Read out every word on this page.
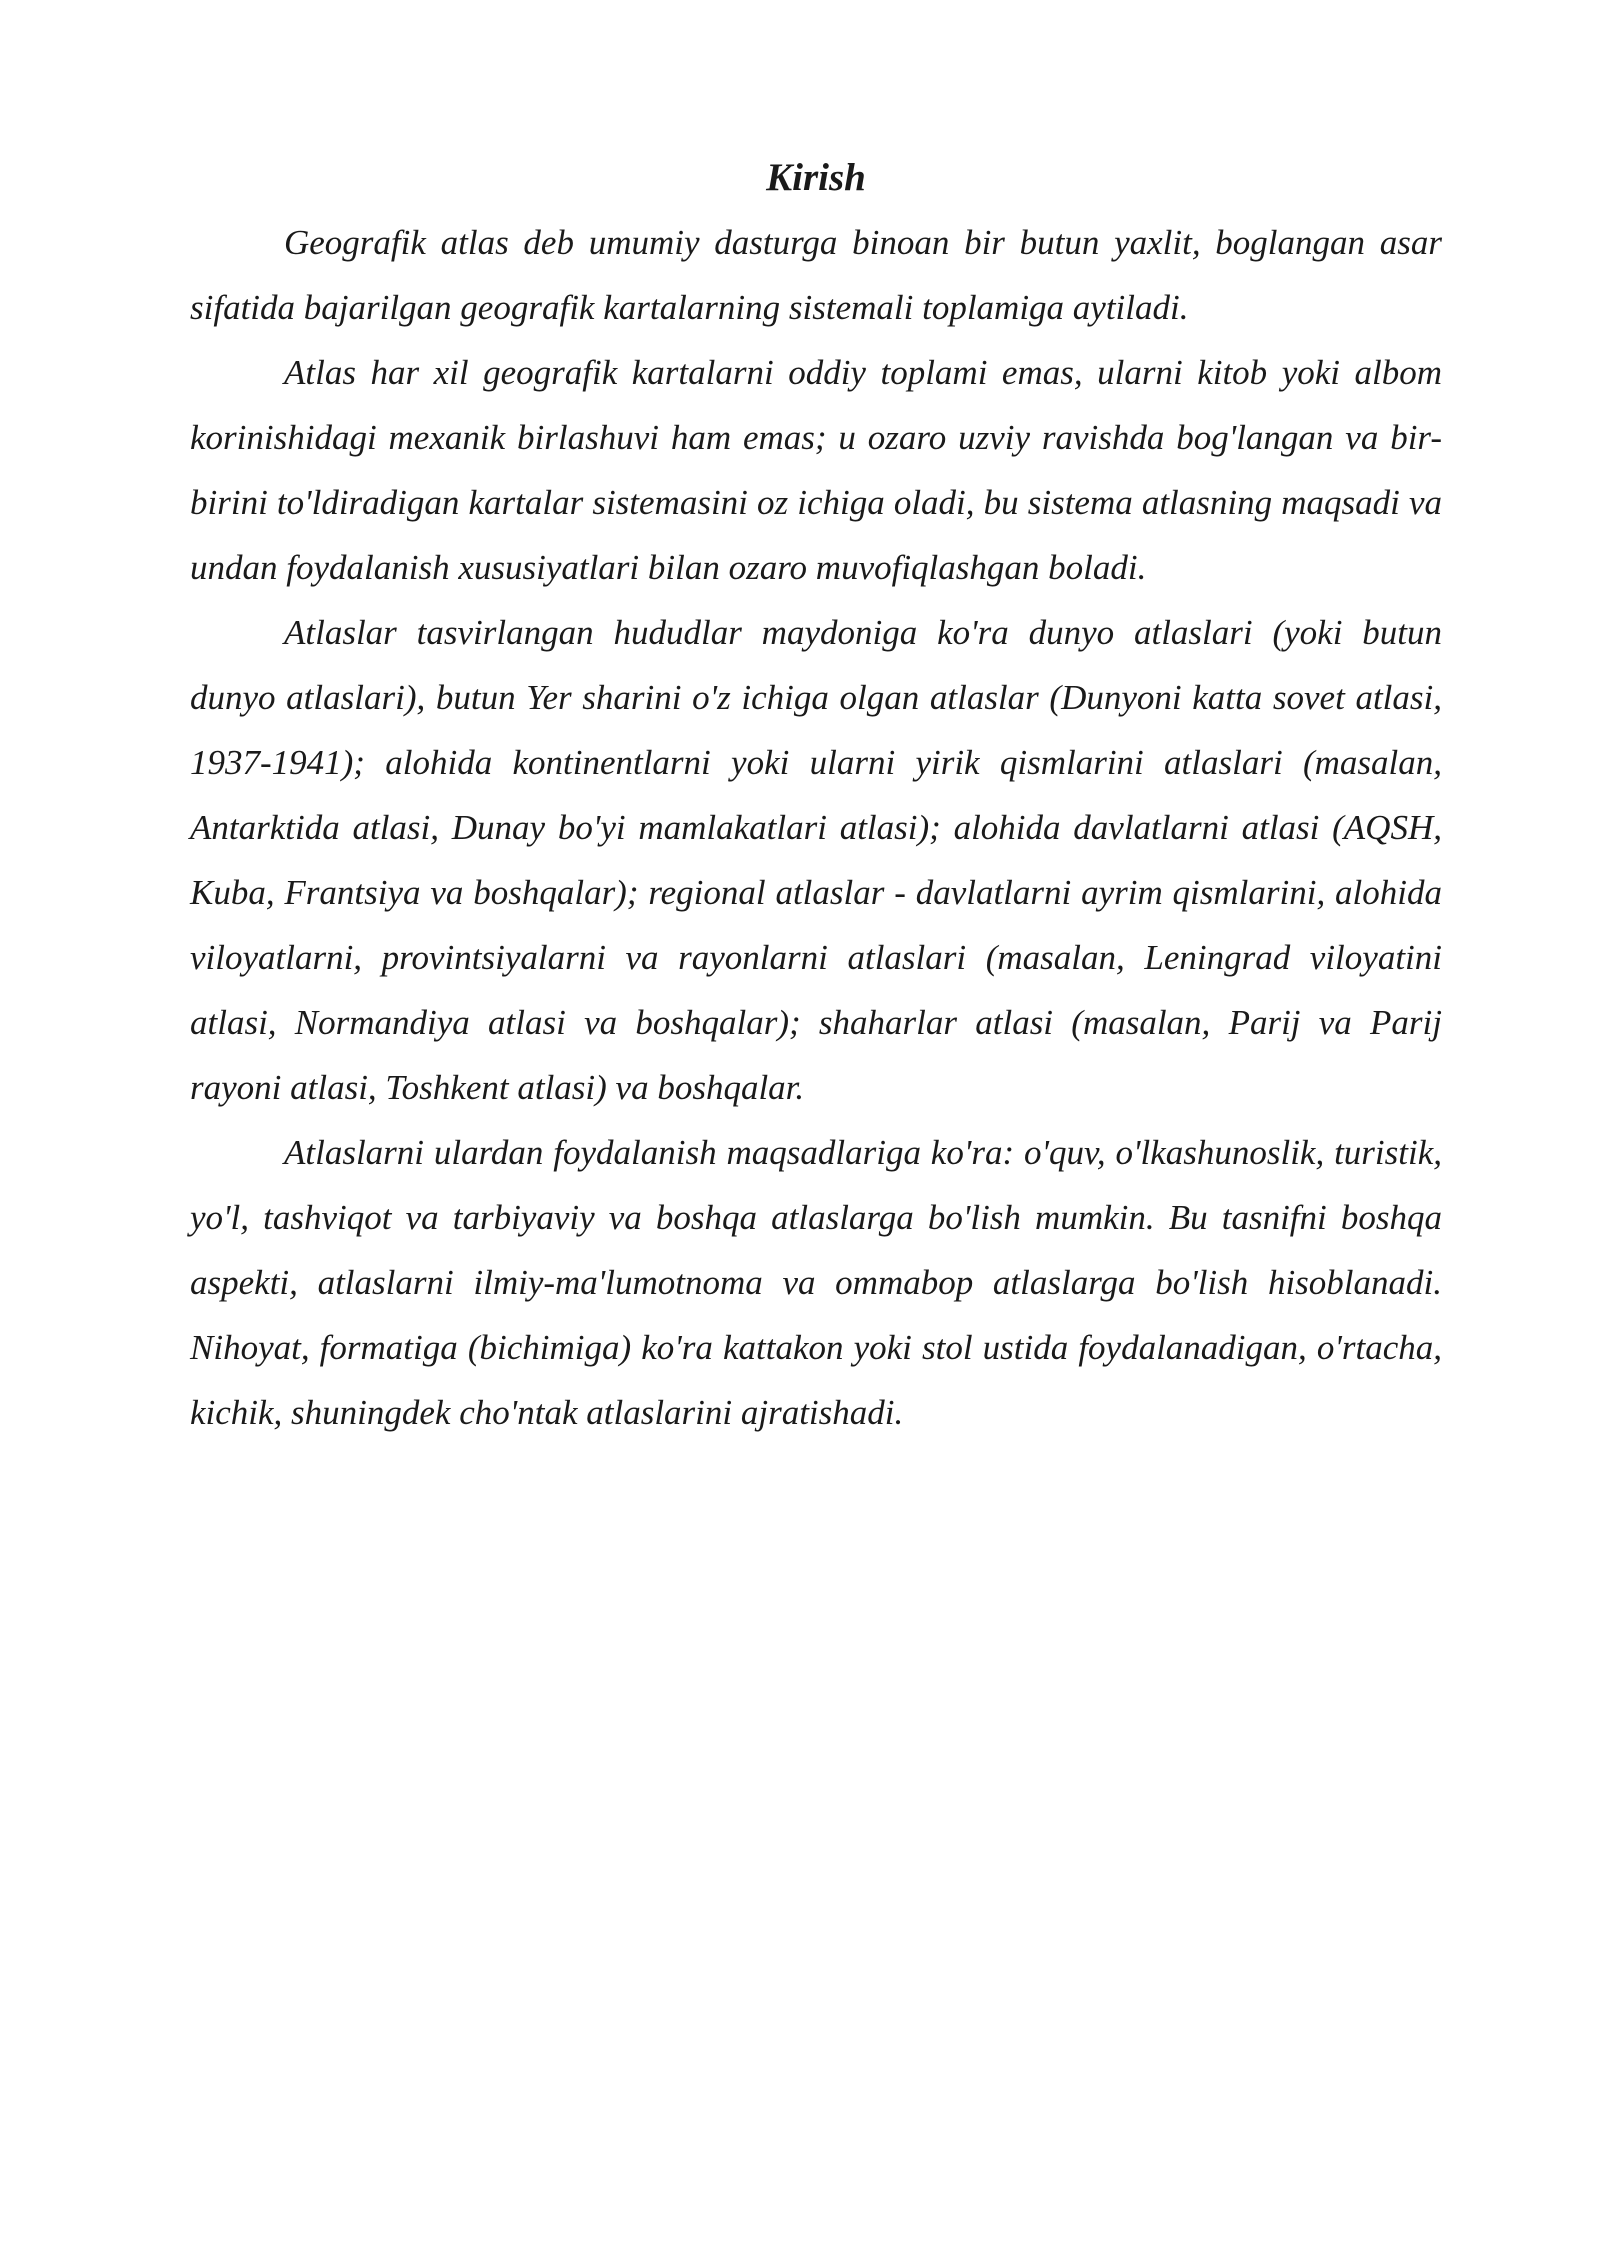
Kirish

Geografik atlas deb umumiy dasturga binoan bir butun yaxlit, boglangan asar sifatida bajarilgan geografik kartalarning sistemali toplamiga aytiladi.

Atlas har xil geografik kartalarni oddiy toplami emas, ularni kitob yoki albom korinishidagi mexanik birlashuvi ham emas; u ozaro uzviy ravishda bog'langan va bir-birini to'ldiradigan kartalar sistemasini oz ichiga oladi, bu sistema atlasning maqsadi va undan foydalanish xususiyatlari bilan ozaro muvofiqlashgan boladi.

Atlaslar tasvirlangan hududlar maydoniga ko'ra dunyo atlaslari (yoki butun dunyo atlaslari), butun Yer sharini o'z ichiga olgan atlaslar (Dunyoni katta sovet atlasi, 1937-1941); alohida kontinentlarni yoki ularni yirik qismlarini atlaslari (masalan, Antarktida atlasi, Dunay bo'yi mamlakatlari atlasi); alohida davlatlarni atlasi (AQSH, Kuba, Frantsiya va boshqalar); regional atlaslar - davlatlarni ayrim qismlarini, alohida viloyatlarni, provintsiyalarni va rayonlarni atlaslari (masalan, Leningrad viloyatini atlasi, Normandiya atlasi va boshqalar); shaharlar atlasi (masalan, Parij va Parij rayoni atlasi, Toshkent atlasi) va boshqalar.

Atlaslarni ulardan foydalanish maqsadlariga ko'ra: o'quv, o'lkashunoslik, turistik, yo'l, tashviqot va tarbiyaviy va boshqa atlaslarga bo'lish mumkin. Bu tasnifni boshqa aspekti, atlaslarni ilmiy-ma'lumotnoma va ommabop atlaslarga bo'lish hisoblanadi. Nihoyat, formatiga (bichimiga) ko'ra kattakon yoki stol ustida foydalanadigan, o'rtacha, kichik, shuningdek cho'ntak atlaslarini ajratishadi.
